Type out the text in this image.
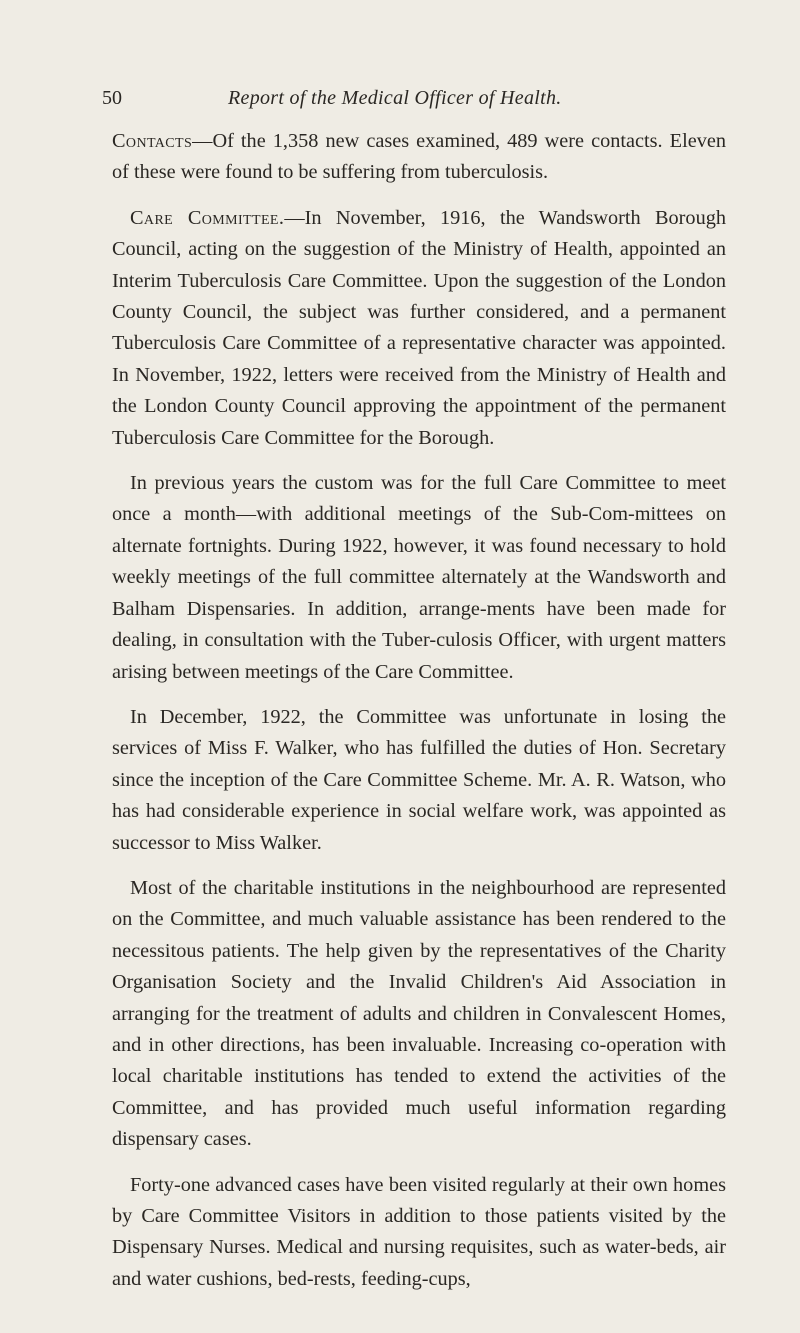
50	Report of the Medical Officer of Health.

Contacts—Of the 1,358 new cases examined, 489 were contacts. Eleven of these were found to be suffering from tuberculosis.

Care Committee.—In November, 1916, the Wandsworth Borough Council, acting on the suggestion of the Ministry of Health, appointed an Interim Tuberculosis Care Committee. Upon the suggestion of the London County Council, the subject was further considered, and a permanent Tuberculosis Care Committee of a representative character was appointed. In November, 1922, letters were received from the Ministry of Health and the London County Council approving the appointment of the permanent Tuberculosis Care Committee for the Borough.

In previous years the custom was for the full Care Committee to meet once a month—with additional meetings of the Sub-Com-mittees on alternate fortnights. During 1922, however, it was found necessary to hold weekly meetings of the full committee alternately at the Wandsworth and Balham Dispensaries. In addition, arrange-ments have been made for dealing, in consultation with the Tuber-culosis Officer, with urgent matters arising between meetings of the Care Committee.

In December, 1922, the Committee was unfortunate in losing the services of Miss F. Walker, who has fulfilled the duties of Hon. Secretary since the inception of the Care Committee Scheme. Mr. A. R. Watson, who has had considerable experience in social welfare work, was appointed as successor to Miss Walker.

Most of the charitable institutions in the neighbourhood are represented on the Committee, and much valuable assistance has been rendered to the necessitous patients. The help given by the representatives of the Charity Organisation Society and the Invalid Children's Aid Association in arranging for the treatment of adults and children in Convalescent Homes, and in other directions, has been invaluable. Increasing co-operation with local charitable institutions has tended to extend the activities of the Committee, and has provided much useful information regarding dispensary cases.

Forty-one advanced cases have been visited regularly at their own homes by Care Committee Visitors in addition to those patients visited by the Dispensary Nurses. Medical and nursing requisites, such as water-beds, air and water cushions, bed-rests, feeding-cups,
